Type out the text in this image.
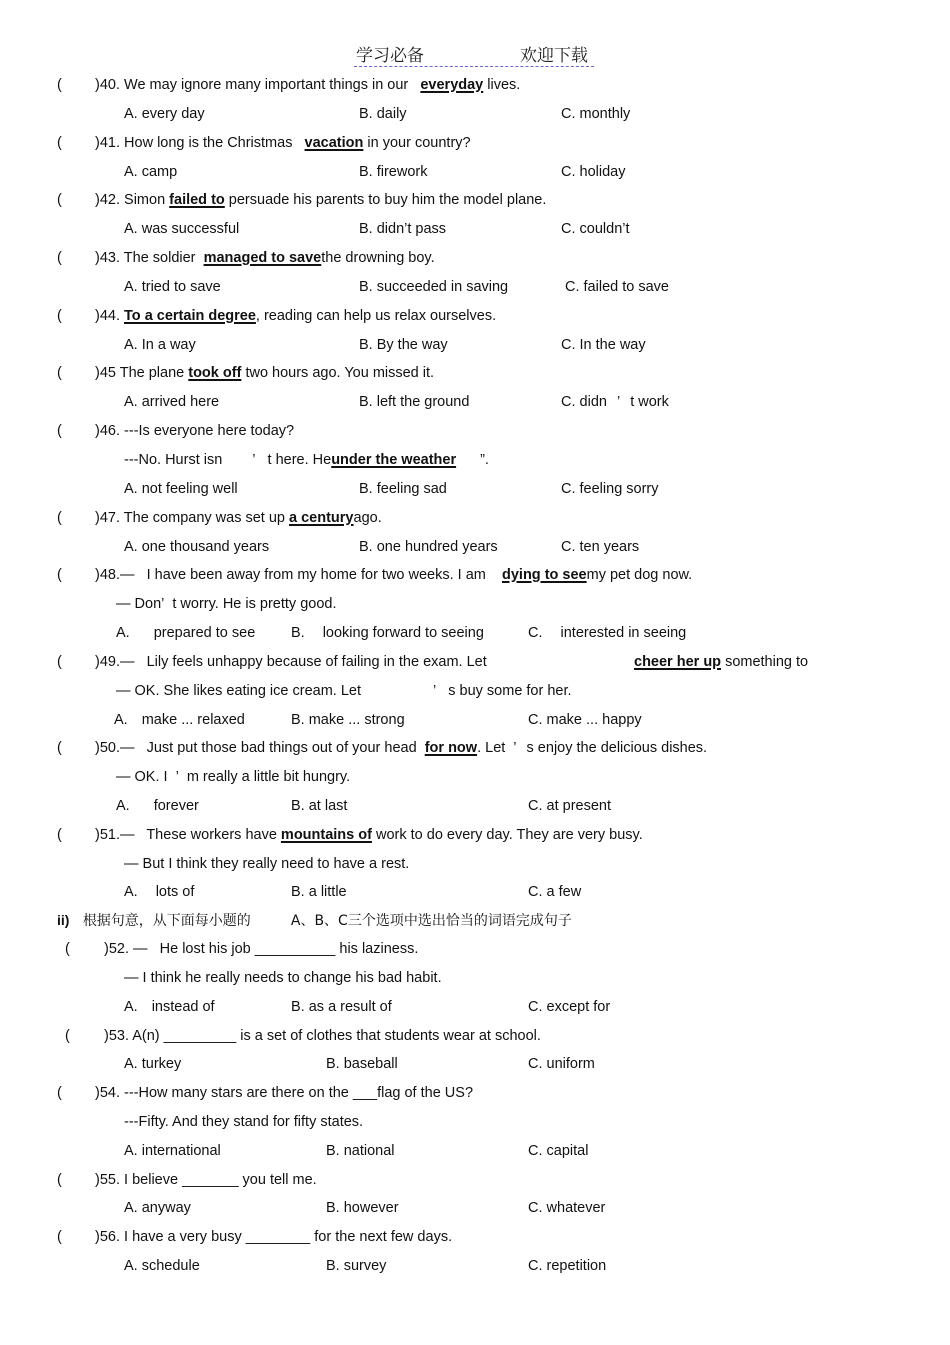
学习必备	欢迎下载
( )40. We may ignore many important things in our everyday lives.
A. every day	B. daily	C. monthly
( )41. How long is the Christmas vacation in your country?
A. camp	B. firework	C. holiday
( )42. Simon failed to persuade his parents to buy him the model plane.
A. was successful	B. didn’t pass	C. couldn’t
( )43. The soldier managed to savethe drowning boy.
A. tried to save	B. succeeded in saving	C. failed to save
( )44. To a certain degree, reading can help us relax ourselves.
A. In a way	B. By the way	C. In the way
( )45 The plane took off two hours ago. You missed it.
A. arrived here	B. left the ground	C. didn ’ t work
( )46. ---Is everyone here today?
---No. Hurst isn ’ t here. Heunder the weather ”.
A. not feeling well	B. feeling sad	C. feeling sorry
( )47. The company was set up a centuryago.
A. one thousand years	B. one hundred years	C. ten years
( )48.— I have been away from my home for two weeks. I am dying to seemy pet dog now.
— Don’ t worry. He is pretty good.
A. prepared to see B. looking forward to seeing	C. interested in seeing
( )49.— Lily feels unhappy because of failing in the exam. Let	cheer her up something to
— OK. She likes eating ice cream. Let	’ s buy some for her.
A. make ... relaxed	B. make ... strong	C. make ... happy
( )50.— Just put those bad things out of your head for now. Let ’ s enjoy the delicious dishes.
— OK. I ’ m really a little bit hungry.
A. forever	B. at last	C. at present
( )51.— These workers have mountains of work to do every day. They are very busy.
— But I think they really need to have a rest.
A. lots of	B. a little	C. a few
ii) 根据句意，从下面每小题的	A、B、C三个选项中选出恰当的词语完成句子
( )52. — He lost his job __________ his laziness.
— I think he really needs to change his bad habit.
A. instead of	B. as a result of	C. except for
( )53. A(n) _________ is a set of clothes that students wear at school.
A. turkey	B. baseball	C. uniform
( )54. ---How many stars are there on the ___flag of the US?
---Fifty. And they stand for fifty states.
A. international	B. national	C. capital
( )55. I believe _______ you tell me.
A. anyway	B. however	C. whatever
( )56. I have a very busy ________ for the next few days.
A. schedule	B. survey	C. repetition
